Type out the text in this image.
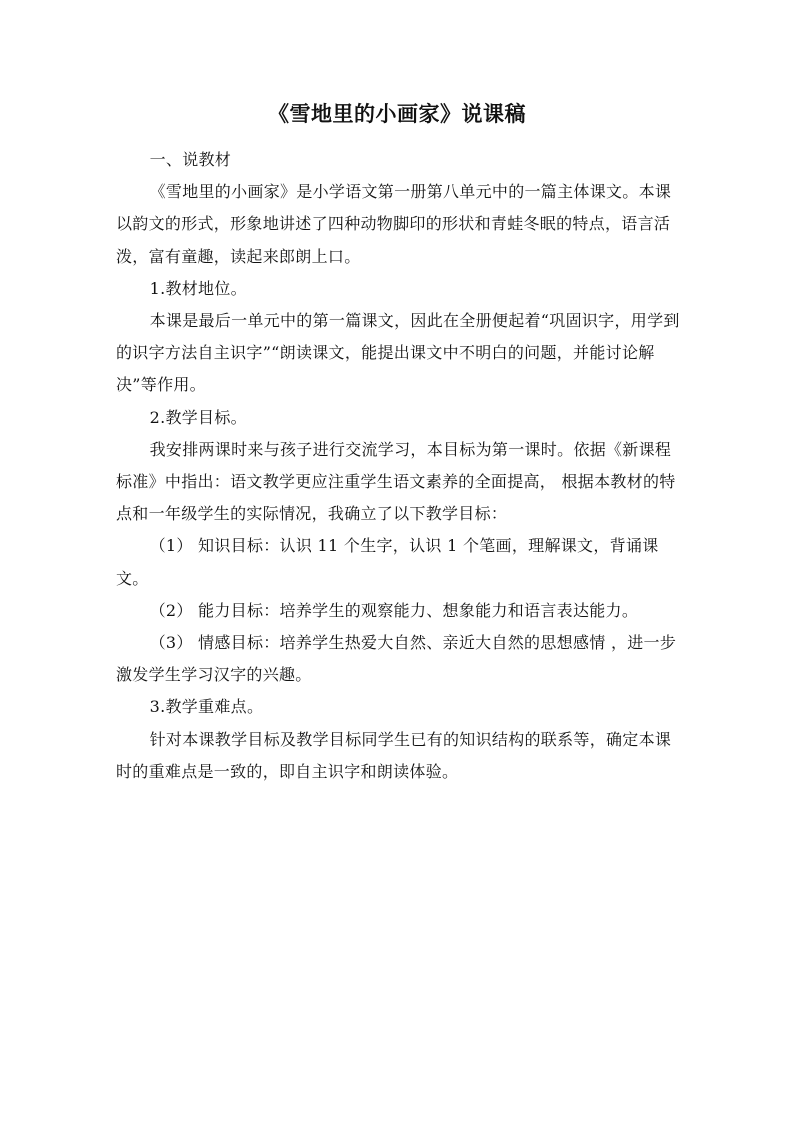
《雪地里的小画家》说课稿

一、说教材

《雪地里的小画家》是小学语文第一册第八单元中的一篇主体课文。本课以韵文的形式，形象地讲述了四种动物脚印的形状和青蛙冬眠的特点，语言活泼，富有童趣，读起来郎朗上口。

1.教材地位。

本课是最后一单元中的第一篇课文，因此在全册便起着“巩固识字，用学到的识字方法自主识字”“朗读课文，能提出课文中不明白的问题，并能讨论解决”等作用。

2.教学目标。

我安排两课时来与孩子进行交流学习，本目标为第一课时。依据《新课程标准》中指出：语文教学更应注重学生语文素养的全面提高， 根据本教材的特点和一年级学生的实际情况，我确立了以下教学目标：

（1） 知识目标：认识 11 个生字，认识 1 个笔画，理解课文，背诵课文。

（2） 能力目标：培养学生的观察能力、想象能力和语言表达能力。

（3） 情感目标：培养学生热爱大自然、亲近大自然的思想感情 ，进一步激发学生学习汉字的兴趣。

3.教学重难点。

针对本课教学目标及教学目标同学生已有的知识结构的联系等，确定本课时的重难点是一致的，即自主识字和朗读体验。
